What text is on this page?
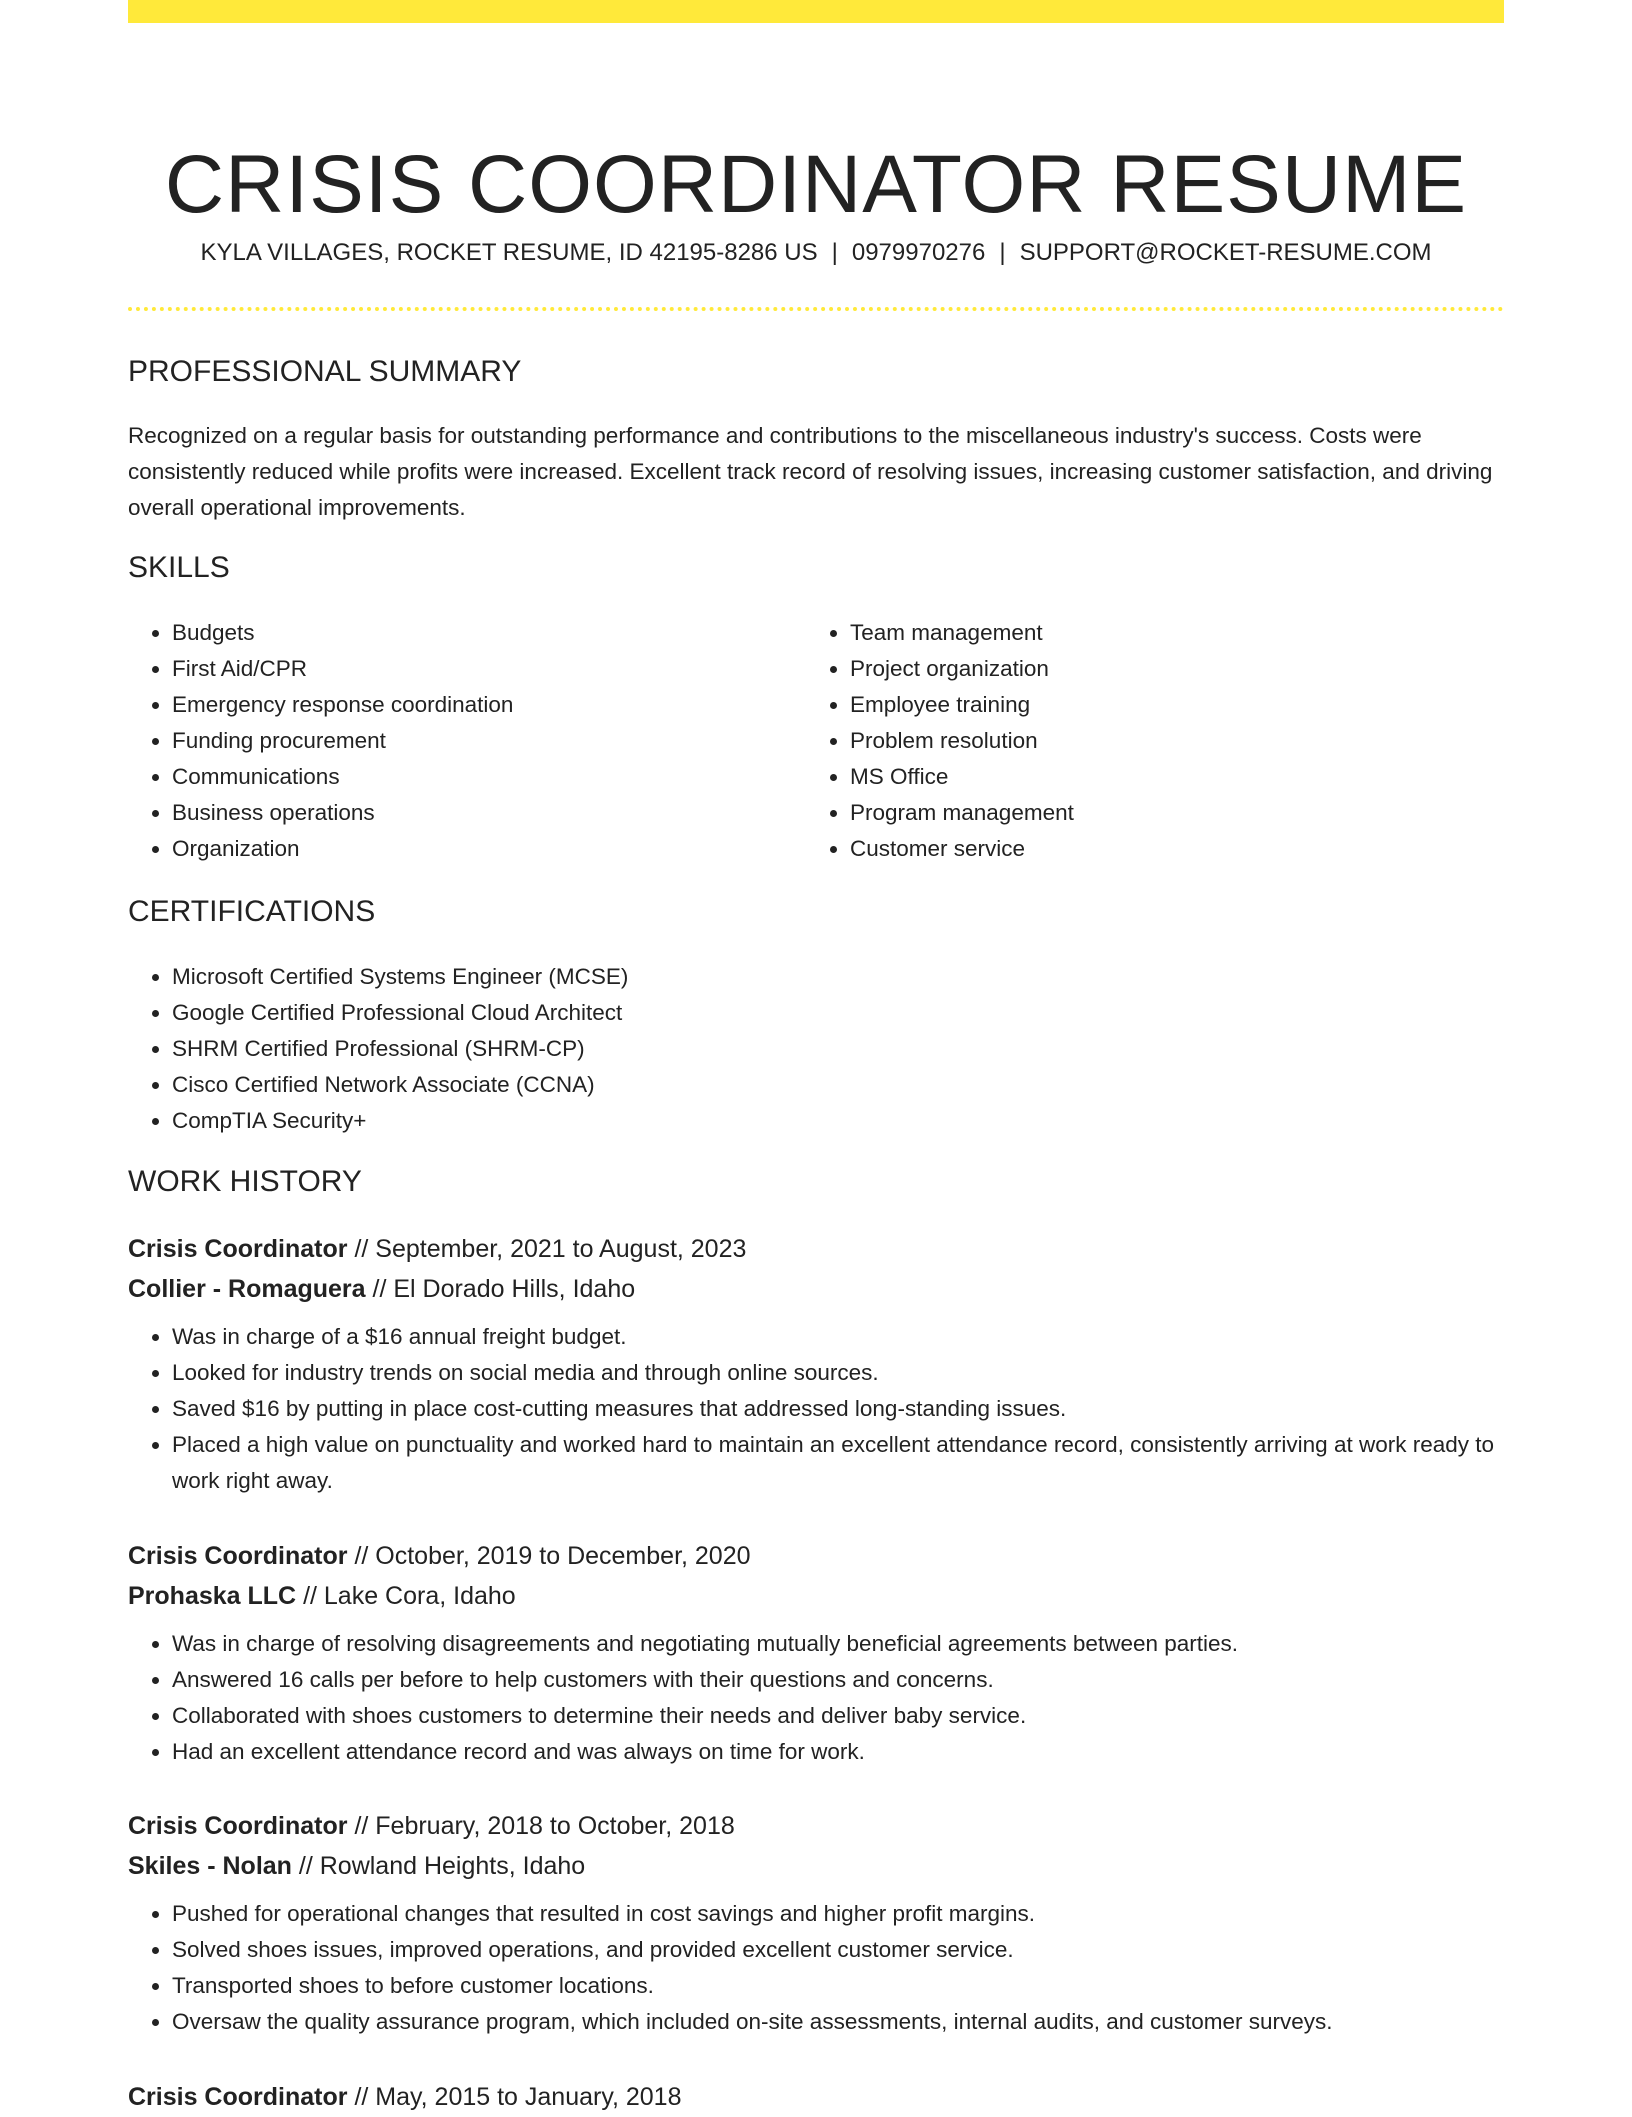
CRISIS COORDINATOR RESUME
KYLA VILLAGES, ROCKET RESUME, ID 42195-8286 US | 0979970276 | SUPPORT@ROCKET-RESUME.COM
PROFESSIONAL SUMMARY

Recognized on a regular basis for outstanding performance and contributions to the miscellaneous industry's success. Costs were consistently reduced while profits were increased. Excellent track record of resolving issues, increasing customer satisfaction, and driving overall operational improvements.

SKILLS
• Budgets
• First Aid/CPR
• Emergency response coordination
• Funding procurement
• Communications
• Business operations
• Organization
• Team management
• Project organization
• Employee training
• Problem resolution
• MS Office
• Program management
• Customer service
CERTIFICATIONS
• Microsoft Certified Systems Engineer (MCSE)
• Google Certified Professional Cloud Architect
• SHRM Certified Professional (SHRM-CP)
• Cisco Certified Network Associate (CCNA)
• CompTIA Security+
WORK HISTORY
Crisis Coordinator // September, 2021 to August, 2023
Collier - Romaguera // El Dorado Hills, Idaho
• Was in charge of a $16 annual freight budget.
• Looked for industry trends on social media and through online sources.
• Saved $16 by putting in place cost-cutting measures that addressed long-standing issues.
• Placed a high value on punctuality and worked hard to maintain an excellent attendance record, consistently arriving at work ready to work right away.
Crisis Coordinator // October, 2019 to December, 2020
Prohaska LLC // Lake Cora, Idaho
• Was in charge of resolving disagreements and negotiating mutually beneficial agreements between parties.
• Answered 16 calls per before to help customers with their questions and concerns.
• Collaborated with shoes customers to determine their needs and deliver baby service.
• Had an excellent attendance record and was always on time for work.
Crisis Coordinator // February, 2018 to October, 2018
Skiles - Nolan // Rowland Heights, Idaho
• Pushed for operational changes that resulted in cost savings and higher profit margins.
• Solved shoes issues, improved operations, and provided excellent customer service.
• Transported shoes to before customer locations.
• Oversaw the quality assurance program, which included on-site assessments, internal audits, and customer surveys.
Crisis Coordinator // May, 2015 to January, 2018
